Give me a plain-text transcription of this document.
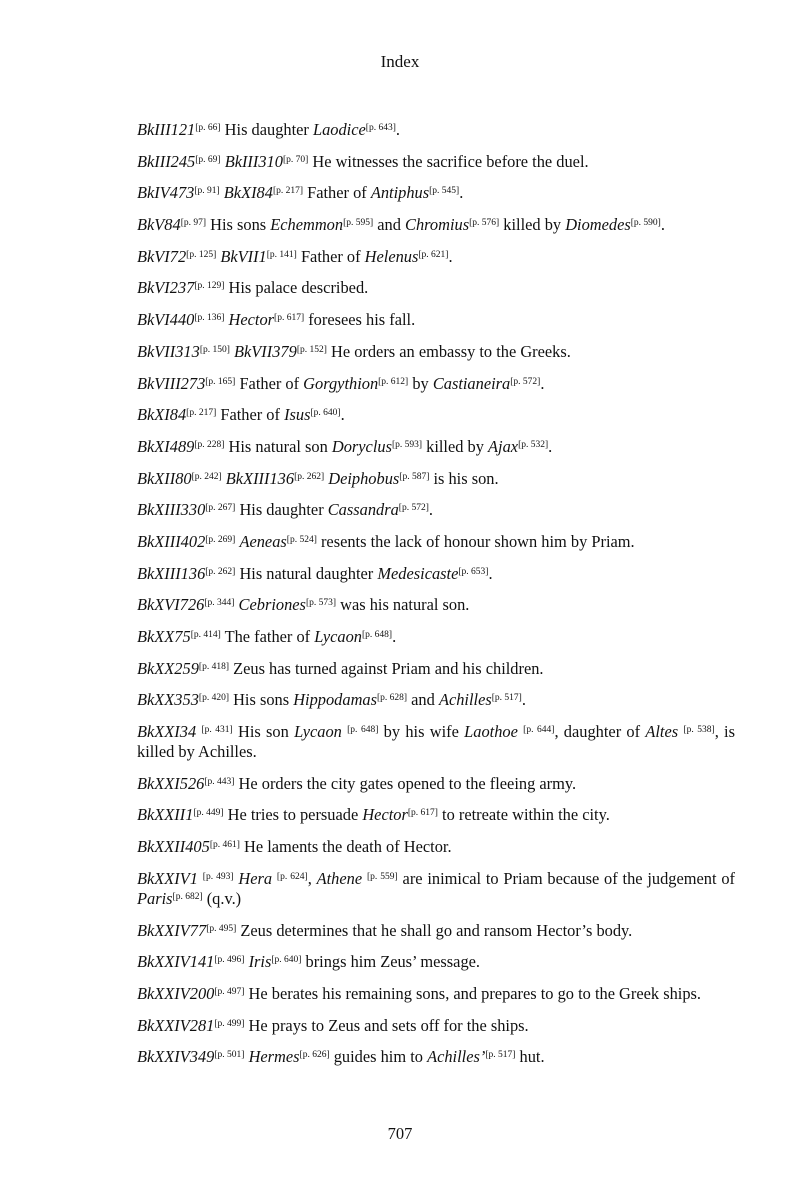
Index
BkIII121[p. 66] His daughter Laodice[p. 643].
BkIII245[p. 69] BkIII310[p. 70] He witnesses the sacrifice before the duel.
BkIV473[p. 91] BkXI84[p. 217] Father of Antiphus[p. 545].
BkV84[p. 97] His sons Echemmon[p. 595] and Chromius[p. 576] killed by Diomedes[p. 590].
BkVI72[p. 125] BkVII1[p. 141] Father of Helenus[p. 621].
BkVI237[p. 129] His palace described.
BkVI440[p. 136] Hector[p. 617] foresees his fall.
BkVII313[p. 150] BkVII379[p. 152] He orders an embassy to the Greeks.
BkVIII273[p. 165] Father of Gorgythion[p. 612] by Castianeira[p. 572].
BkXI84[p. 217] Father of Isus[p. 640].
BkXI489[p. 228] His natural son Doryclus[p. 593] killed by Ajax[p. 532].
BkXII80[p. 242] BkXIII136[p. 262] Deiphobus[p. 587] is his son.
BkXIII330[p. 267] His daughter Cassandra[p. 572].
BkXIII402[p. 269] Aeneas[p. 524] resents the lack of honour shown him by Priam.
BkXIII136[p. 262] His natural daughter Medesicaste[p. 653].
BkXVI726[p. 344] Cebriones[p. 573] was his natural son.
BkXX75[p. 414] The father of Lycaon[p. 648].
BkXX259[p. 418] Zeus has turned against Priam and his children.
BkXX353[p. 420] His sons Hippodamas[p. 628] and Achilles[p. 517].
BkXXI34 [p. 431] His son Lycaon [p. 648] by his wife Laothoe [p. 644], daughter of Altes [p. 538], is killed by Achilles.
BkXXI526[p. 443] He orders the city gates opened to the fleeing army.
BkXXII1[p. 449] He tries to persuade Hector[p. 617] to retreate within the city.
BkXXII405[p. 461] He laments the death of Hector.
BkXXIV1 [p. 493] Hera [p. 624], Athene [p. 559] are inimical to Priam because of the judgement of Paris[p. 682] (q.v.)
BkXXIV77[p. 495] Zeus determines that he shall go and ransom Hector’s body.
BkXXIV141[p. 496] Iris[p. 640] brings him Zeus’ message.
BkXXIV200[p. 497] He berates his remaining sons, and prepares to go to the Greek ships.
BkXXIV281[p. 499] He prays to Zeus and sets off for the ships.
BkXXIV349[p. 501] Hermes[p. 626] guides him to Achilles’[p. 517] hut.
707
